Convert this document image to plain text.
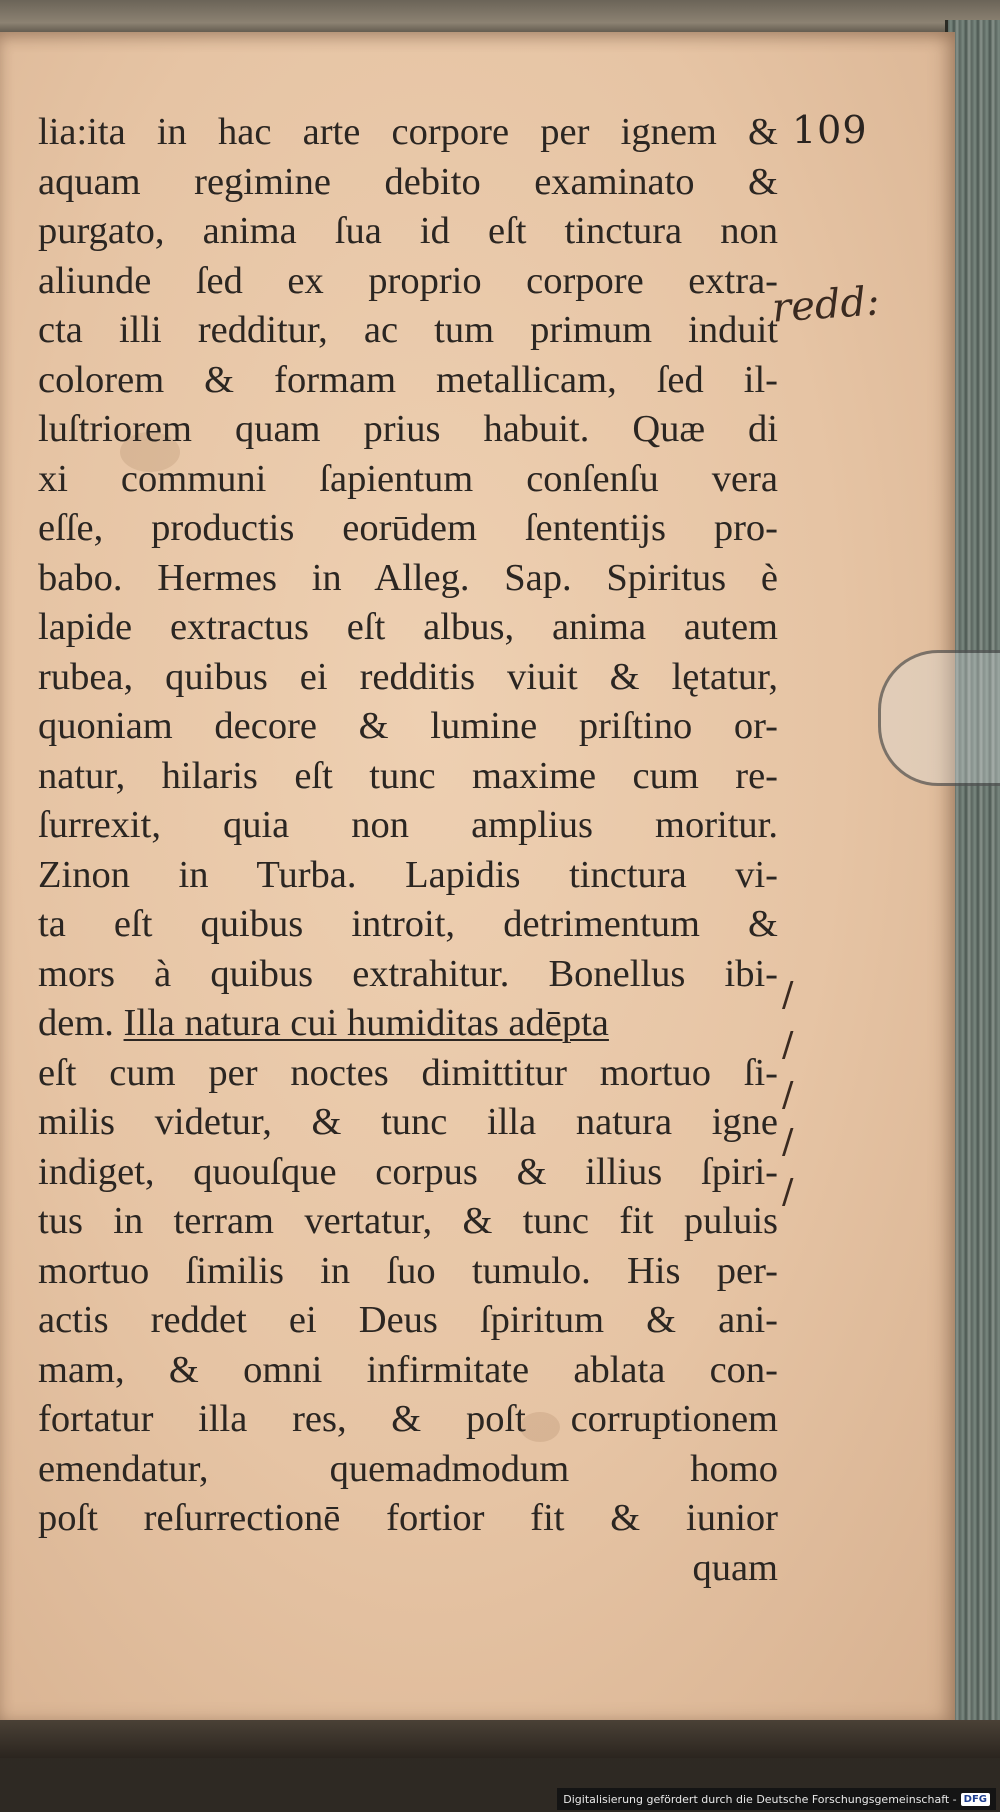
109
lia:ita in hac arte corpore per ignem &
aquam regimine debito examinato &
purgato, anima ſua id eſt tinctura non
aliunde ſed ex proprio corpore extra-
cta illi redditur, ac tum primum induit
colorem & formam metallicam, ſed il-
luſtriorem quam prius habuit. Quæ di
xi communi ſapientum conſenſu vera
eſſe, productis eorūdem ſententijs pro-
babo. Hermes in Alleg. Sap. Spiritus è
lapide extractus eſt albus, anima autem
rubea, quibus ei redditis viuit & lętatur,
quoniam decore & lumine priſtino or-
natur, hilaris eſt tunc maxime cum re-
ſurrexit, quia non amplius moritur.
Zinon in Turba. Lapidis tinctura vi-
ta eſt quibus introit, detrimentum &
mors à quibus extrahitur. Bonellus ibi-
dem. Illa natura cui humiditas adēpta
eſt cum per noctes dimittitur mortuo ſi-
milis videtur, & tunc illa natura igne
indiget, quouſque corpus & illius ſpiri-
tus in terram vertatur, & tunc fit puluis
mortuo ſimilis in ſuo tumulo. His per-
actis reddet ei Deus ſpiritum & ani-
mam, & omni infirmitate ablata con-
fortatur illa res, & poſt corruptionem
emendatur, quemadmodum homo
poſt reſurrectionē fortior fit & iunior
quam
redd:
/
/
/
/
/
Digitalisierung gefördert durch die Deutsche Forschungsgemeinschaft - DFG
